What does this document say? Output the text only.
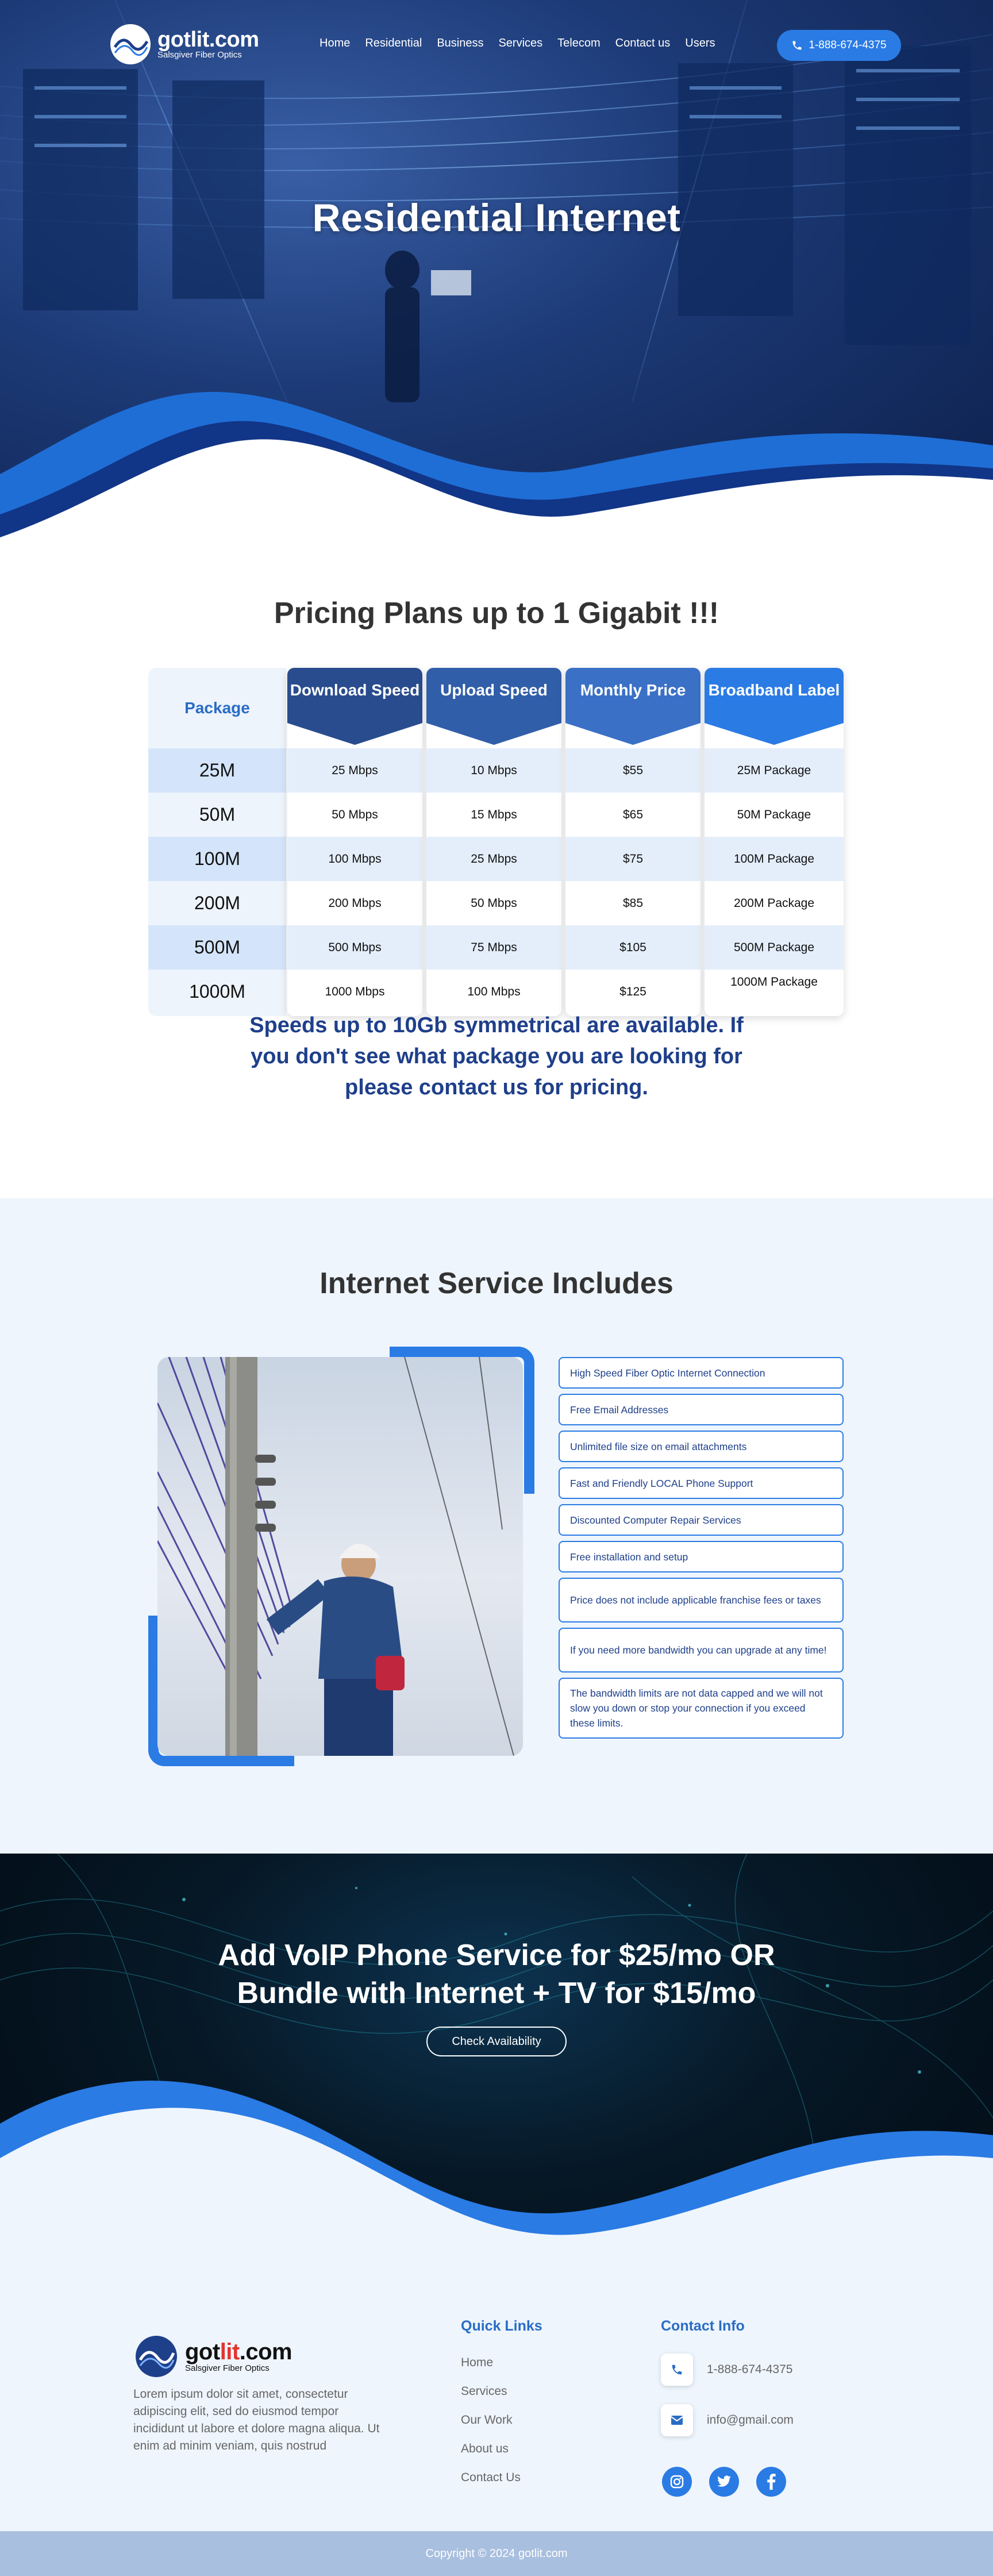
gotlit.com
Salsgiver Fiber Optics
Home Residential Business Services Telecom Contact us Users	1-888-674-4375
Residential Internet
Pricing Plans up to 1 Gigabit !!!
Package
25M
50M
100M
200M
500M
1000M
Download Speed
25 Mbps
50 Mbps
100 Mbps
200 Mbps
500 Mbps
1000 Mbps
Upload Speed
10 Mbps
15 Mbps
25 Mbps
50 Mbps
75 Mbps
100 Mbps
Monthly Price
$55
$65
$75
$85
$105
$125
Broadband Label
25M Package
50M Package
100M Package
200M Package
500M Package
1000M Package

Speeds up to 10Gb symmetrical are available. If you don't see what package you are looking for please contact us for pricing.

Internet Service Includes
High Speed Fiber Optic Internet Connection
Free Email Addresses
Unlimited file size on email attachments
Fast and Friendly LOCAL Phone Support
Discounted Computer Repair Services
Free installation and setup
Price does not include applicable franchise fees or taxes
If you need more bandwidth you can upgrade at any time!
The bandwidth limits are not data capped and we will not slow you down or stop your connection if you exceed these limits.
Add VoIP Phone Service for $25/mo OR
Bundle with Internet + TV for $15/mo
Check Availability
gotlit.com
Salsgiver Fiber Optics

Lorem ipsum dolor sit amet, consectetur adipiscing elit, sed do eiusmod tempor incididunt ut labore et dolore magna aliqua. Ut enim ad minim veniam, quis nostrud

Quick Links
Home
Services
Our Work
About us
Contact Us
Contact Info
1-888-674-4375
info@gmail.com
Copyright © 2024 gotlit.com
